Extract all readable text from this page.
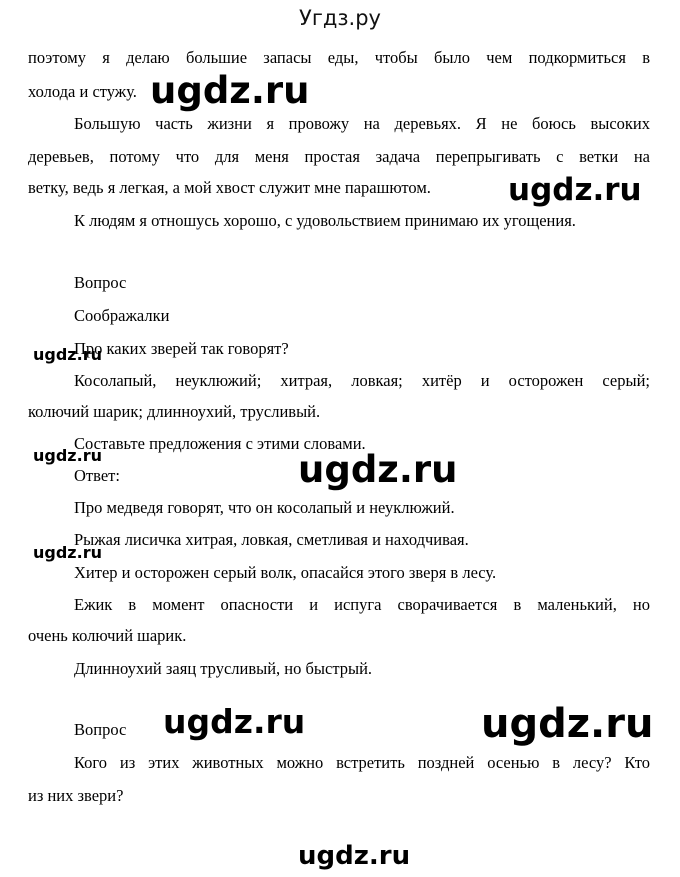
Угдз.ру

поэтому я делаю большие запасы еды, чтобы было чем подкормиться в

холода и стужу.

Большую часть жизни я провожу на деревьях. Я не боюсь высоких

деревьев, потому что для меня простая задача перепрыгивать с ветки на

ветку, ведь я легкая, а мой хвост служит мне парашютом.

К людям я отношусь хорошо, с удовольствием принимаю их угощения.

Вопрос

Соображалки

Про каких зверей так говорят?

Косолапый, неуклюжий; хитрая, ловкая; хитёр и осторожен серый;

колючий шарик; длинноухий, трусливый.

Составьте предложения с этими словами.

Ответ:

Про медведя говорят, что он косолапый и неуклюжий.

Рыжая лисичка хитрая, ловкая, сметливая и находчивая.

Хитер и осторожен серый волк, опасайся этого зверя в лесу.

Ежик в момент опасности и испуга сворачивается в маленький, но

очень колючий шарик.

Длинноухий заяц трусливый, но быстрый.

Вопрос

Кого из этих животных можно встретить поздней осенью в лесу? Кто

из них звери?

ugdz.ru
ugdz.ru
ugdz.ru
ugdz.ru	ugdz.ru
ugdz.ru
ugdz.ru	ugdz.ru
ugdz.ru
